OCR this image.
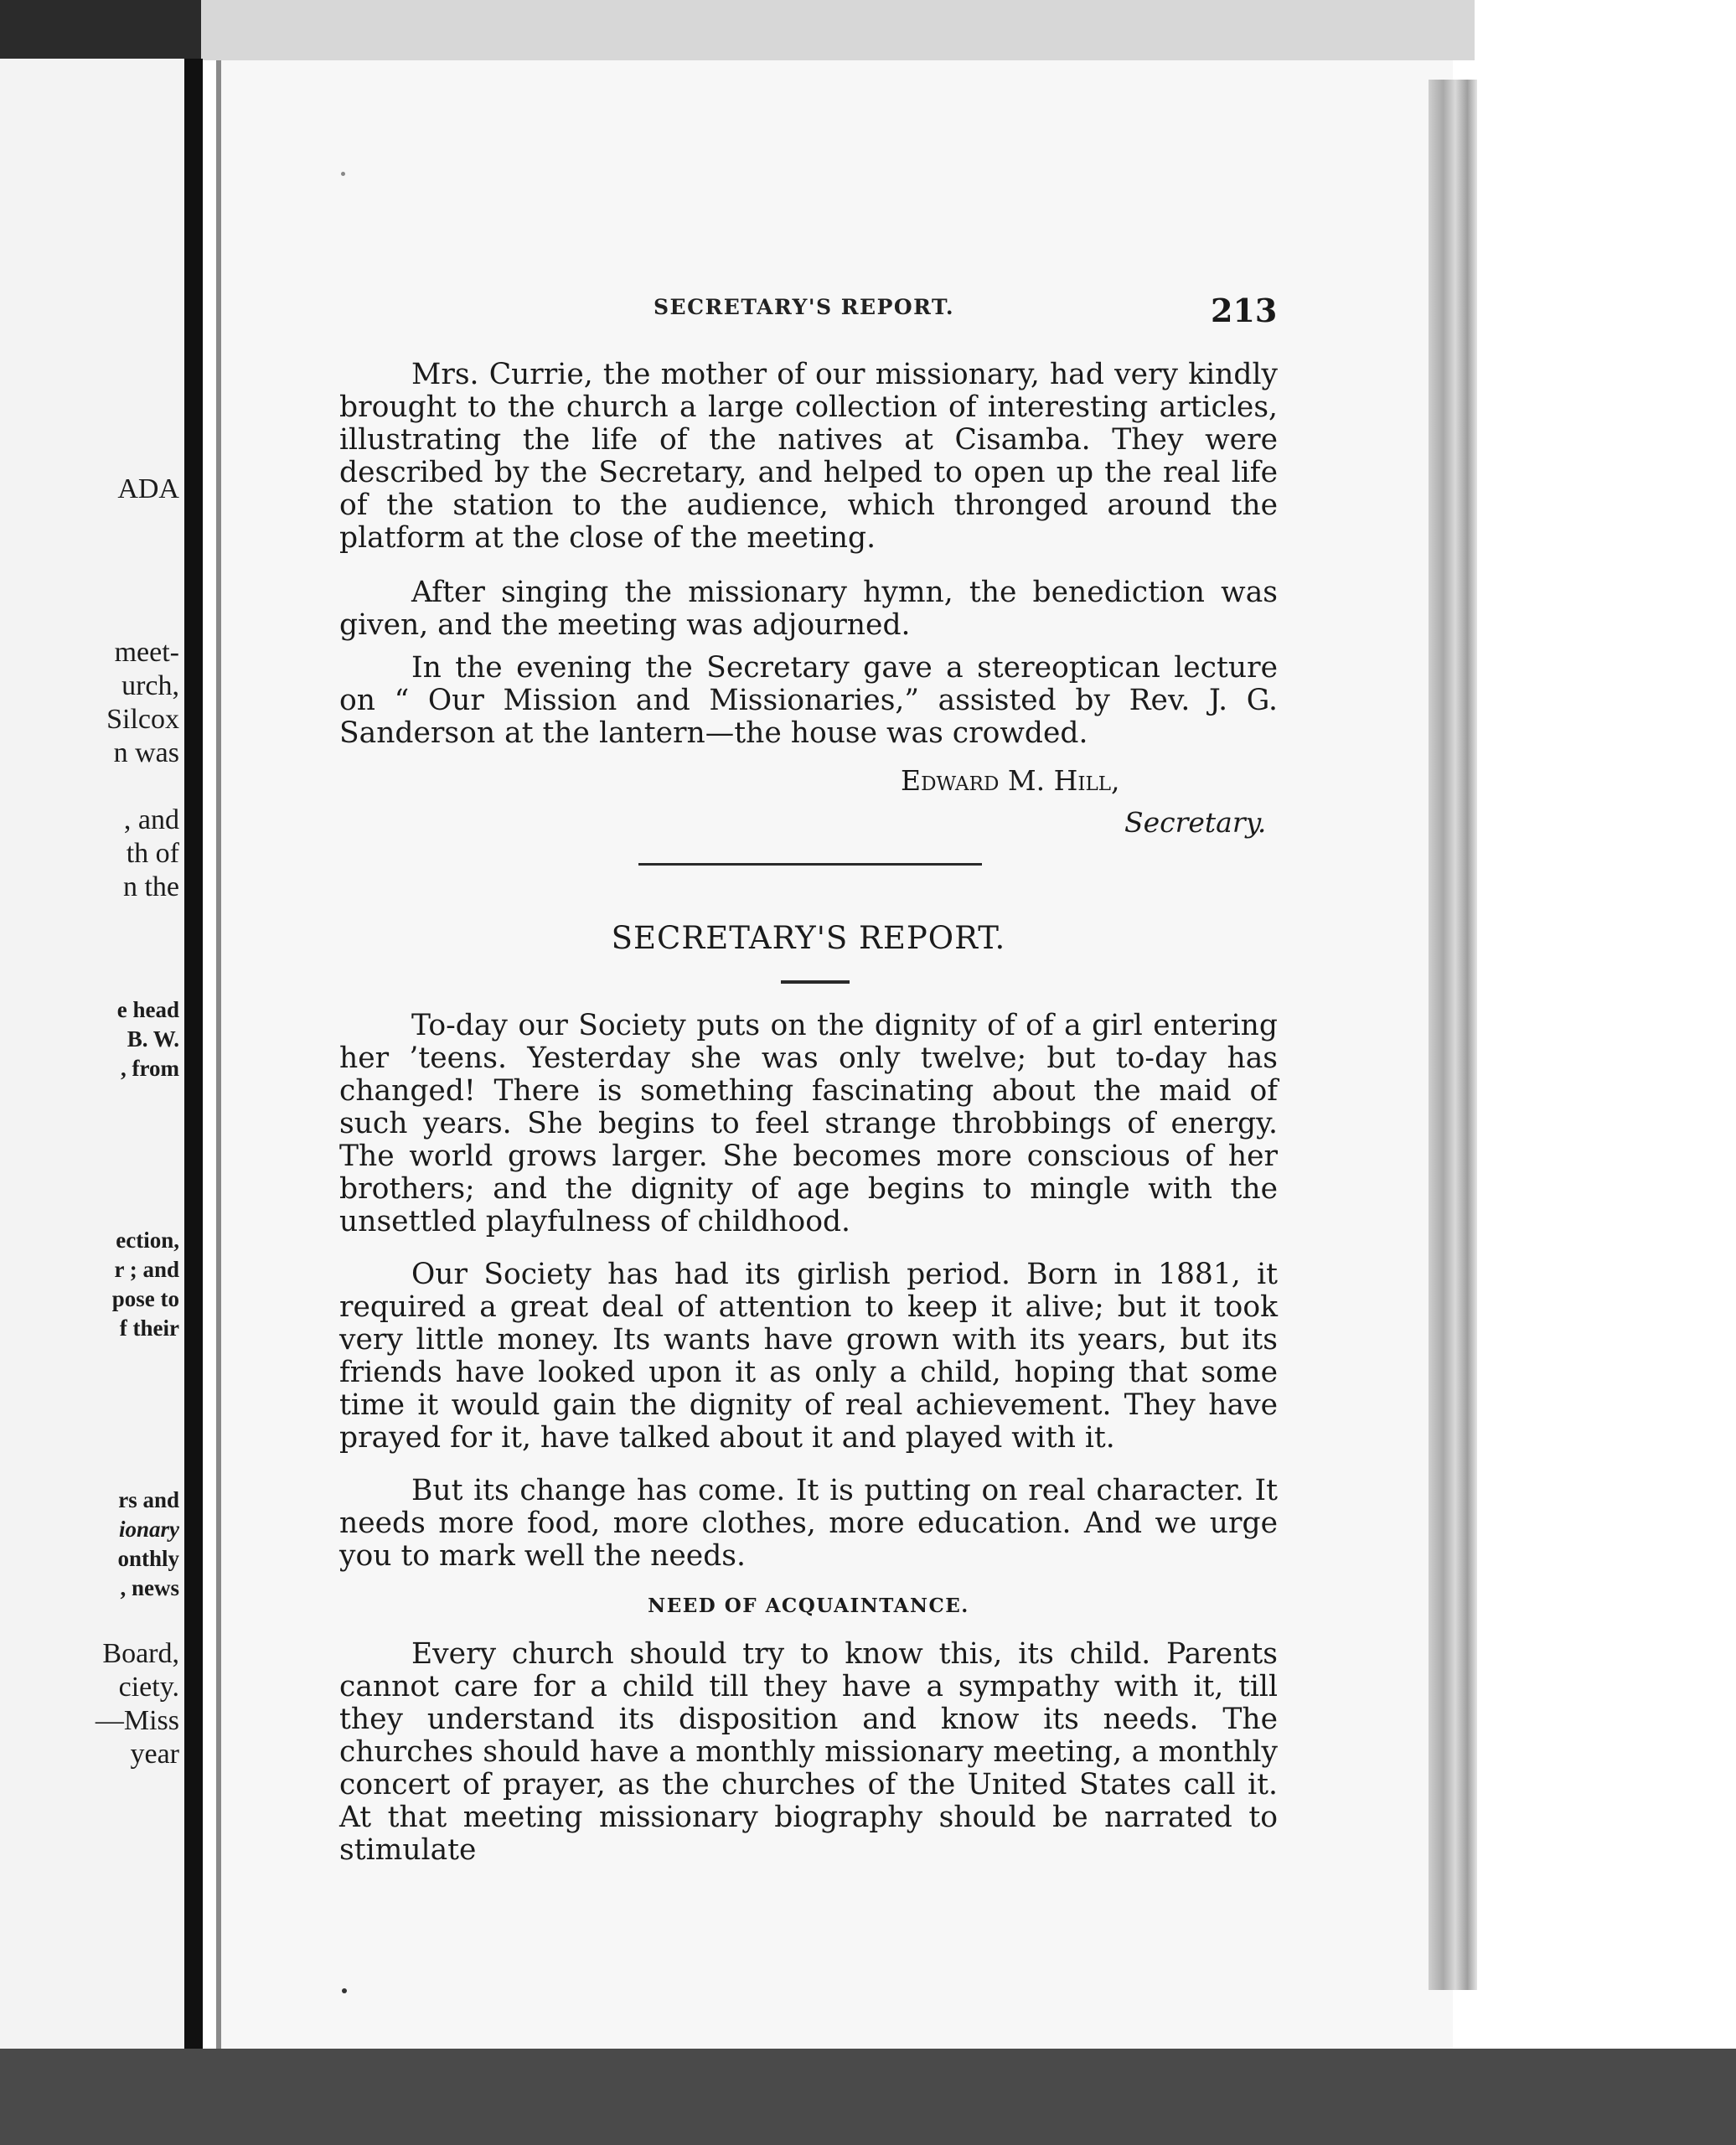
ADA
meet-
urch,
Silcox
n was
, and
th of
n the
e head
B. W.
, from
ection,
r ; and
pose to
f their
rs and
ionary
onthly
, news
Board,
ciety.
—Miss
year
SECRETARY'S REPORT.	213

Mrs. Currie, the mother of our missionary, had very kindly brought to the church a large collection of interesting articles, illustrating the life of the natives at Cisamba. They were described by the Secretary, and helped to open up the real life of the station to the audience, which thronged around the platform at the close of the meeting.

After singing the missionary hymn, the benediction was given, and the meeting was adjourned.

In the evening the Secretary gave a stereoptican lecture on “ Our Mission and Missionaries,” assisted by Rev. J. G. Sanderson at the lantern—the house was crowded.

Edward M. Hill,
Secretary.
SECRETARY'S REPORT.

To-day our Society puts on the dignity of of a girl entering her ’teens. Yesterday she was only twelve; but to-day has changed! There is something fascinating about the maid of such years. She begins to feel strange throbbings of energy. The world grows larger. She becomes more conscious of her brothers; and the dignity of age begins to mingle with the unsettled playfulness of childhood.

Our Society has had its girlish period. Born in 1881, it required a great deal of attention to keep it alive; but it took very little money. Its wants have grown with its years, but its friends have looked upon it as only a child, hoping that some time it would gain the dignity of real achievement. They have prayed for it, have talked about it and played with it.

But its change has come. It is putting on real character. It needs more food, more clothes, more education. And we urge you to mark well the needs.

NEED OF ACQUAINTANCE.

Every church should try to know this, its child. Parents cannot care for a child till they have a sympathy with it, till they understand its disposition and know its needs. The churches should have a monthly missionary meeting, a monthly concert of prayer, as the churches of the United States call it. At that meeting missionary biography should be narrated to stimulate
